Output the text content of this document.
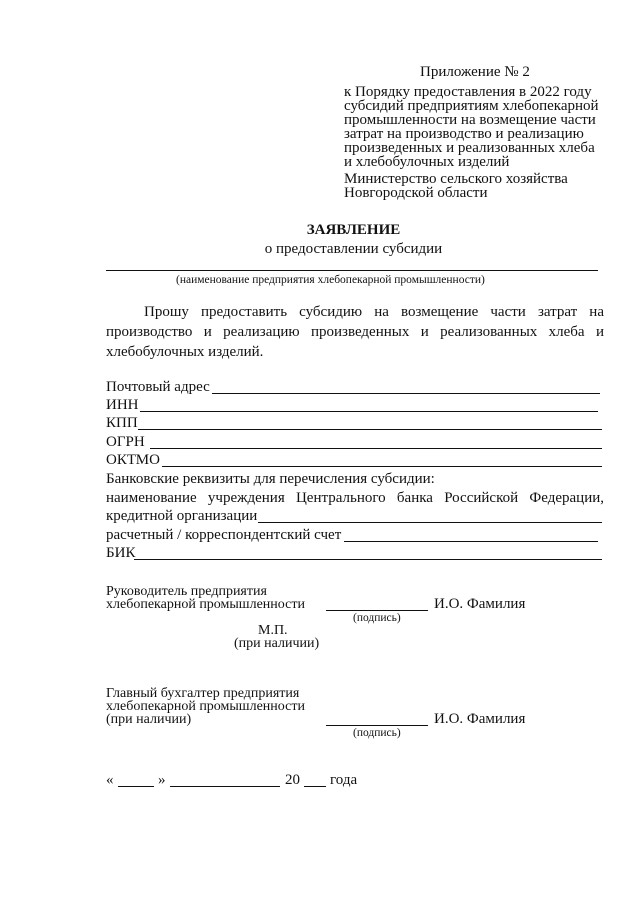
Приложение № 2
к Порядку предоставления в 2022 году
субсидий предприятиям хлебопекарной
промышленности на возмещение части
затрат на производство и реализацию
произведенных и реализованных хлеба
и хлебобулочных изделий
Министерство сельского хозяйства
Новгородской области
ЗАЯВЛЕНИЕ
о предоставлении субсидии
(наименование предприятия хлебопекарной промышленности)
Прошу предоставить субсидию на возмещение части затрат на
производство и реализацию произведенных и реализованных хлеба и
хлебобулочных изделий.
Почтовый адрес
ИНН
КПП
ОГРН
ОКТМО
Банковские реквизиты для перечисления субсидии:
наименование учреждения Центрального банка Российской Федерации,
кредитной организации
расчетный / корреспондентский счет
БИК
Руководитель предприятия
хлебопекарной промышленности	И.О. Фамилия
(подпись)
М.П.
(при наличии)
Главный бухгалтер предприятия
хлебопекарной промышленности
(при наличии)	И.О. Фамилия
(подпись)
«	»	20 года
